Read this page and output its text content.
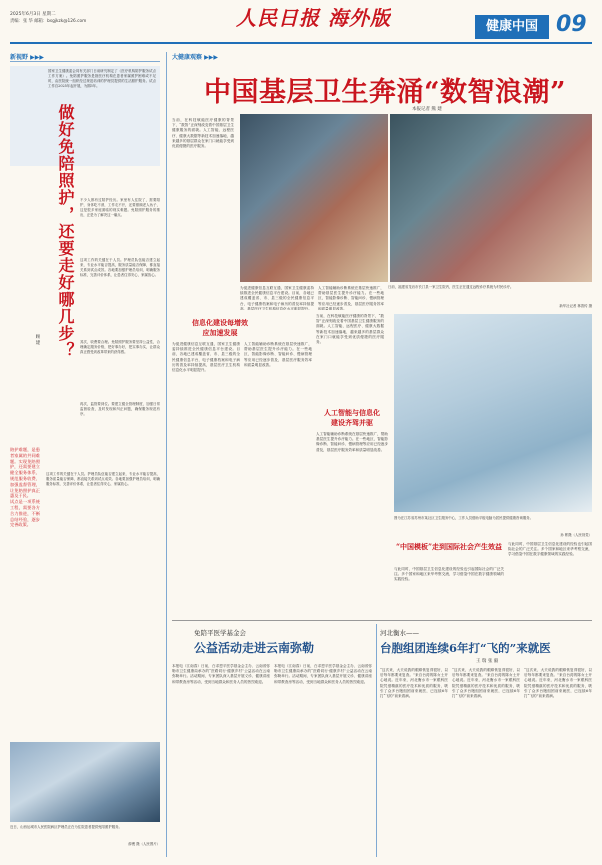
2025年6月3日 星期二
责编：张 华 邮箱：bsgjkzk@126.com	人民日报 海外版	健康中国 09
新视野 ▶▶▶
国家卫生健康委会同有关部门日前研究制定了《医疗机构陪护服务试点工作方案》。免陪照护服务是指医疗机构在患者家属照护困难或不足时，由医院统一组织经过规范培训的护理员提供的生活照护服务。试点工作自2025年起开展，为期3年。
做好免陪照护，还要走好哪几步？
顾 建
不少人都有过陪护经历。家里有人住院了，需要陪护，身体吃不消，工作走不开，还要照顾老人孩子，这是很多家庭面临的现实难题。免陪照护服务的推出，正是为了解决这一痛点。
这项工作的关键在于人员。护理员队伍能否建立起来，专业水平能否提高，服务质量能否保障，都直接关系到试点成效。各地要加强护理员培训，明确服务标准，完善评价体系，让患者住得安心，家属放心。
其次，收费要合理。免陪照护服务要坚持公益性，合理确定服务价格，把好事办好，把实事办实，让群众真正感受到改革带来的获得感。
再次，监管要到位。要建立健全管理制度，加强日常监督检查，及时发现和纠正问题，确保服务规范有序。
陪护难题，是患者家属的共同难题。实现免陪照护，还需要建立健全服务体系、规范服务收费、加强监督管理，让免陪照护真正惠及于民。
试点是一项系统工程，需要各方合力推进，不断总结经验，逐步完善政策。
这项工作的关键在于人员。护理员队伍能否建立起来，专业水平能否提高，服务质量能否保障，都直接关系到试点成效。各地要加强护理员培训，明确服务标准，完善评价体系，让患者住得安心，家属放心。
近日，山西运城市人民医院病区护理员正在为住院患者提供免陪照护服务。
薛俊 摄（人民图片）
大健康观察 ▶▶▶
中国基层卫生奔涌“数智浪潮”
本报记者 熊 建
当前，在科技赋能医疗健康的背景下，“数智”正深刻改变着中国基层卫生健康服务的面貌。人工智能、远程医疗、健康大数据等新技术加速落地，越来越多的基层群众在家门口就能享受到优质便捷的医疗服务。
日前，福建省龙岩市长汀县一家卫生院内，医生正在通过远程诊疗系统为村民诊疗。
新华社记者 林善传 摄
为促进健康信息互联互通，国家卫生健康委持续推进全民健康信息平台建设。目前，各地已建成覆盖省、市、县三级的全民健康信息平台，电子健康档案和电子病历的普及率持续提高，基层医疗卫生机构信息化水平明显提升。
人工智能辅助诊断系统在基层快速推广，帮助基层医生提升诊疗能力。在一些地区，智能影像诊断、智能问诊、慢病管理等应用已经逐步普及，基层医疗服务效率和质量明显改善。
信息化建设每增效
应加速发展
为促进健康信息互联互通，国家卫生健康委持续推进全民健康信息平台建设。目前，各地已建成覆盖省、市、县三级的全民健康信息平台，电子健康档案和电子病历的普及率持续提高，基层医疗卫生机构信息化水平明显提升。
人工智能辅助诊断系统在基层快速推广，帮助基层医生提升诊疗能力。在一些地区，智能影像诊断、智能问诊、慢病管理等应用已经逐步普及，基层医疗服务效率和质量明显改善。
当前，在科技赋能医疗健康的背景下，“数智”正深刻改变着中国基层卫生健康服务的面貌。人工智能、远程医疗、健康大数据等新技术加速落地，越来越多的基层群众在家门口就能享受到优质便捷的医疗服务。
人工智能与信息化
建设齐驾并驱
人工智能辅助诊断系统在基层快速推广，帮助基层医生提升诊疗能力。在一些地区，智能影像诊断、智能问诊、慢病管理等应用已经逐步普及，基层医疗服务效率和质量明显改善。
图为在江苏省苏州市某社区卫生服务中心，工作人员借助平板电脑为居民提供健康咨询服务。
孙 彬摄（人民视觉）
“中国模板”走到国际社会产生效益
与此同时，中国基层卫生信息化建设的经验也引起国际社会的广泛关注。多个国家和地区来华考察交流，学习借鉴中国在数字健康领域的实践经验。
与此同时，中国基层卫生信息化建设的经验也引起国际社会的广泛关注。多个国家和地区来华考察交流，学习借鉴中国在数字健康领域的实践经验。
免陪平医学基金会
公益活动走进云南弥勒
本报电（江南春）日前，白求恩平医学基金会主办、云南省弥勒市卫生健康局承办的“医路同行·健康乡村”公益活动在云南弥勒举行。活动期间，专家团队深入基层开展义诊、健康讲座和带教查房等活动，受到当地群众和医务人员的热烈欢迎。
本报电（江南春）日前，白求恩平医学基金会主办、云南省弥勒市卫生健康局承办的“医路同行·健康乡村”公益活动在云南弥勒举行。活动期间，专家团队深入基层开展义诊、健康讲座和带教查房等活动，受到当地群众和医务人员的热烈欢迎。
河北衡水——
台胞组团连续6年打“飞的”来就医
王 瑞 张 毅
“这次来，大夫说我的眼睛恢复得很好，以后每年都要来复查。”来自台湾的陈女士开心地说。近年来，河北衡水市一家眼科医院凭借精湛的医疗技术和优质的服务，吸引了众多台胞组团前来就医，已连续6年打“飞的”前来看病。
“这次来，大夫说我的眼睛恢复得很好，以后每年都要来复查。”来自台湾的陈女士开心地说。近年来，河北衡水市一家眼科医院凭借精湛的医疗技术和优质的服务，吸引了众多台胞组团前来就医，已连续6年打“飞的”前来看病。
“这次来，大夫说我的眼睛恢复得很好，以后每年都要来复查。”来自台湾的陈女士开心地说。近年来，河北衡水市一家眼科医院凭借精湛的医疗技术和优质的服务，吸引了众多台胞组团前来就医，已连续6年打“飞的”前来看病。
